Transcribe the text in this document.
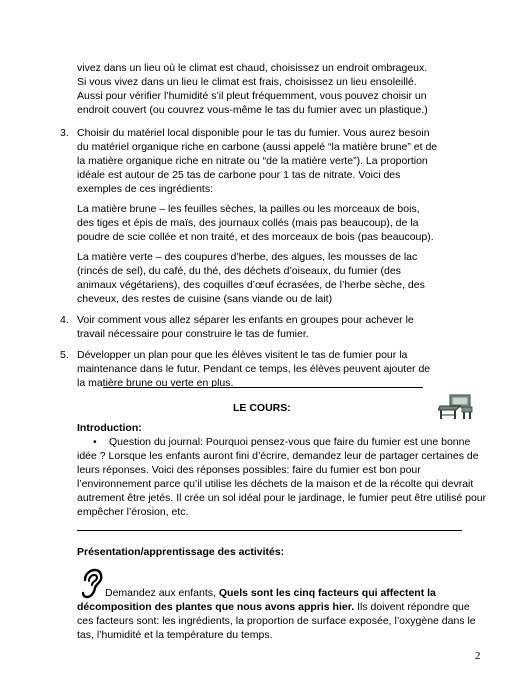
vivez dans un lieu où le climat est chaud, choisissez un endroit ombrageux.
Si vous vivez dans un lieu le climat est frais, choisissez un lieu ensoleillé.
Aussi pour vérifier l’humidité s’il pleut fréquemment, vous pouvez choisir un
endroit couvert (ou couvrez vous-même le tas du fumier avec un plastique.)
3. Choisir du matériel local disponible pour le tas du fumier. Vous aurez besoin
du matériel organique riche en carbone (aussi appelé “la matière brune” et de
la matière organique riche en nitrate ou “de la matière verte”). La proportion
idéale est autour de 25 tas de carbone pour 1 tas de nitrate. Voici des
exemples de ces ingrédients:
La matière brune – les feuilles sèches, la pailles ou les morceaux de bois,
des tiges et épis de maïs, des journaux collés (mais pas beaucoup), de la
poudre de scie collée et non traité, et des morceaux de bois (pas beaucoup).
La matière verte – des coupures d’herbe, des algues, les mousses de lac
(rincés de sel), du café, du thé, des déchets d’oiseaux, du fumier (des
animaux végétariens), des coquilles d’œuf écrasées, de l’herbe sèche, des
cheveux, des restes de cuisine (sans viande ou de lait)
4. Voir comment vous allez séparer les enfants en groupes pour achever le
travail nécessaire pour construire le tas de fumier.
5. Développer un plan pour que les élèves visitent le tas de fumier pour la
maintenance dans le futur. Pendant ce temps, les élèves peuvent ajouter de
la matière brune ou verte en plus.
LE COURS:
Introduction:
• Question du journal: Pourquoi pensez-vous que faire du fumier est une bonne
idée ? Lorsque les enfants auront fini d’écrire, demandez leur de partager certaines de
leurs réponses. Voici des réponses possibles: faire du fumier est bon pour
l’environnement parce qu’il utilise les déchets de la maison et de la récolte qui devrait
autrement être jetés. Il crée un sol idéal pour le jardinage, le fumier peut être utilisé pour
empêcher l’érosion, etc.
Présentation/apprentissage des activités:
Demandez aux enfants, Quels sont les cinq facteurs qui affectent la
décomposition des plantes que nous avons appris hier. Ils doivent répondre que
ces facteurs sont: les ingrédients, la proportion de surface exposée, l’oxygène dans le
tas, l’humidité et la température du temps.
2
